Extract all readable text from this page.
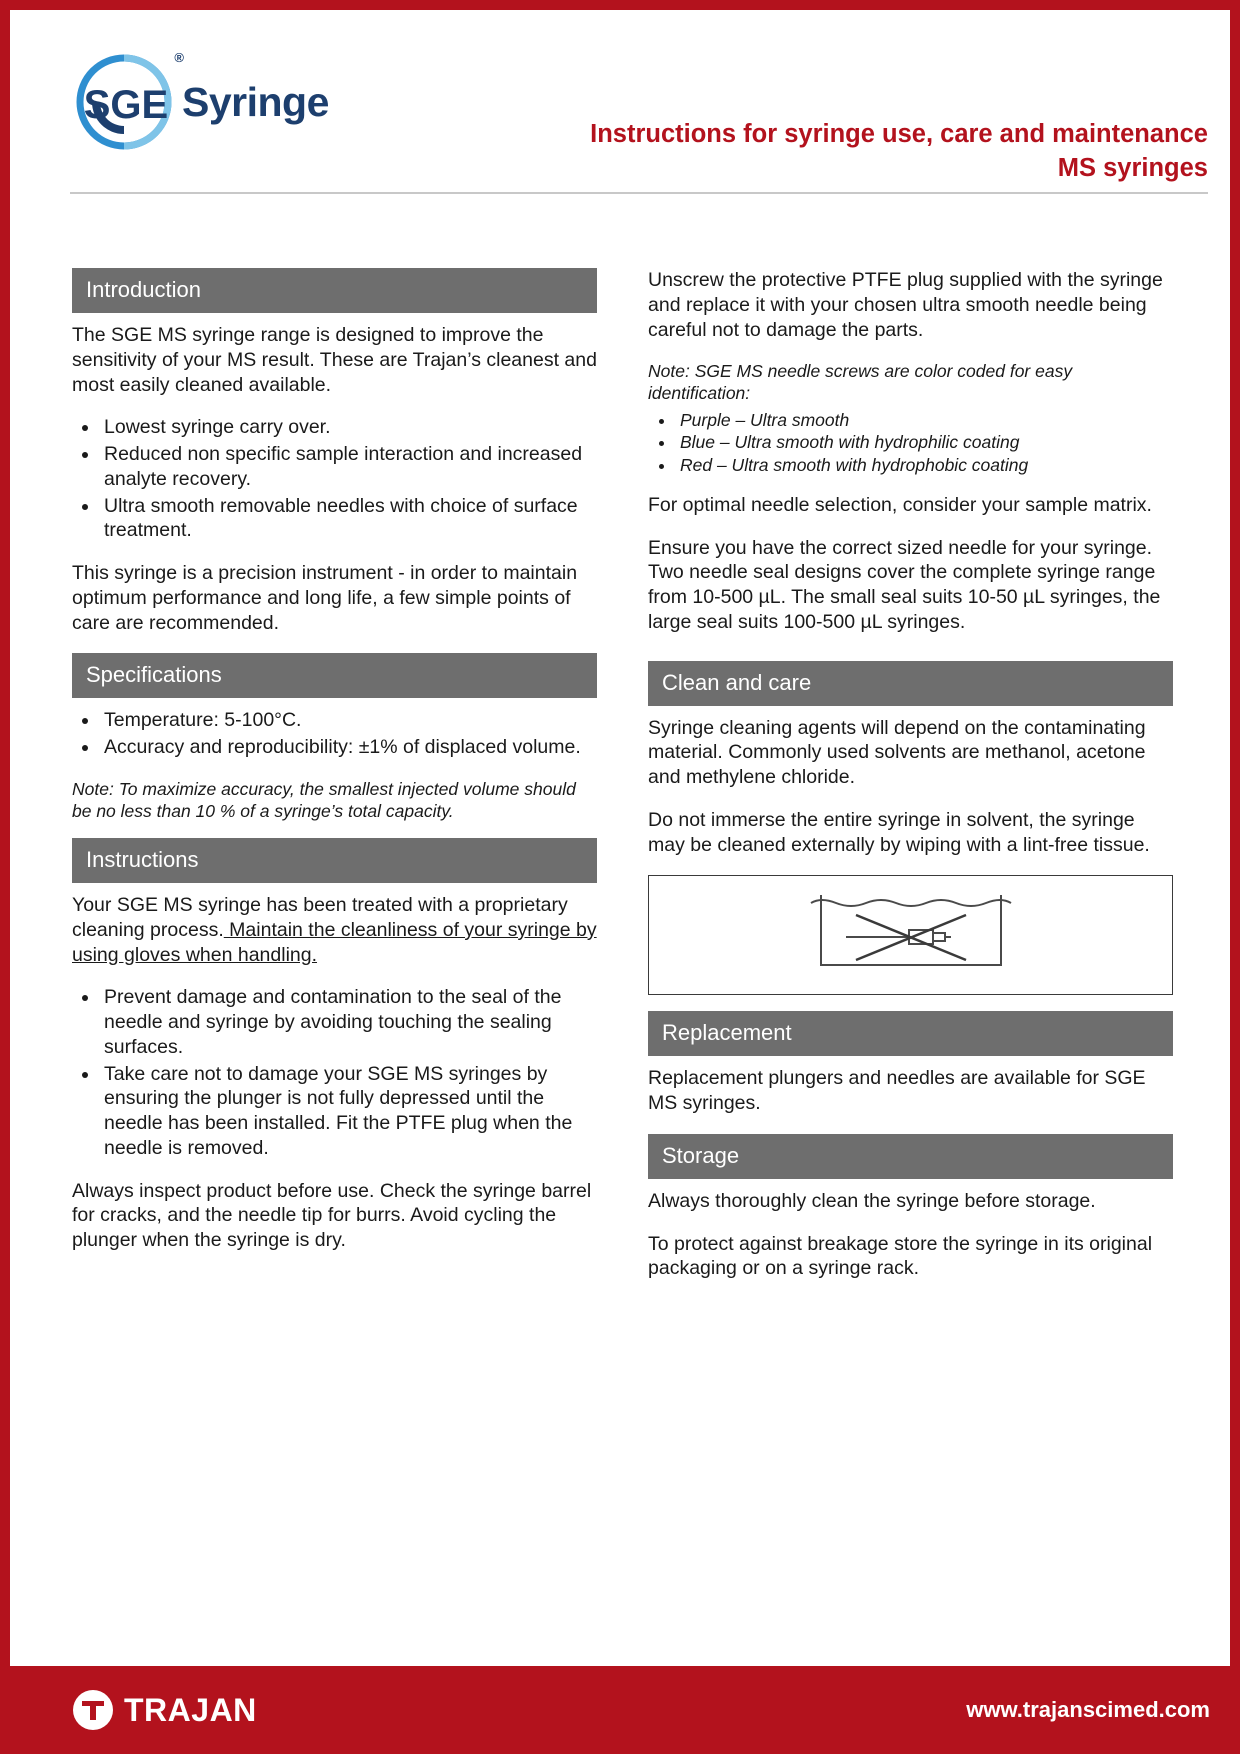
SGE
®
Syringe
Instructions for syringe use, care and maintenance
MS syringes
Introduction

The SGE MS syringe range is designed to improve the sensitivity of your MS result. These are Trajan’s cleanest and most easily cleaned available.

• Lowest syringe carry over.
• Reduced non specific sample interaction and increased analyte recovery.
• Ultra smooth removable needles with choice of surface treatment.

This syringe is a precision instrument - in order to maintain optimum performance and long life, a few simple points of care are recommended.

Specifications
• Temperature: 5-100°C.
• Accuracy and reproducibility: ±1% of displaced volume.

Note: To maximize accuracy, the smallest injected volume should be no less than 10 % of a syringe’s total capacity.

Instructions

Your SGE MS syringe has been treated with a proprietary cleaning process. Maintain the cleanliness of your syringe by using gloves when handling.

• Prevent damage and contamination to the seal of the needle and syringe by avoiding touching the sealing surfaces.
• Take care not to damage your SGE MS syringes by ensuring the plunger is not fully depressed until the needle has been installed. Fit the PTFE plug when the needle is removed.

Always inspect product before use. Check the syringe barrel for cracks, and the needle tip for burrs. Avoid cycling the plunger when the syringe is dry.

Unscrew the protective PTFE plug supplied with the syringe and replace it with your chosen ultra smooth needle being careful not to damage the parts.

Note: SGE MS needle screws are color coded for easy identification:

• Purple – Ultra smooth
• Blue – Ultra smooth with hydrophilic coating
• Red – Ultra smooth with hydrophobic coating

For optimal needle selection, consider your sample matrix.

Ensure you have the correct sized needle for your syringe. Two needle seal designs cover the complete syringe range from 10-500 µL. The small seal suits 10-50 µL syringes, the large seal suits 100-500 µL syringes.

Clean and care

Syringe cleaning agents will depend on the contaminating material. Commonly used solvents are methanol, acetone and methylene chloride.

Do not immerse the entire syringe in solvent, the syringe may be cleaned externally by wiping with a lint-free tissue.

Replacement

Replacement plungers and needles are available for SGE MS syringes.

Storage

Always thoroughly clean the syringe before storage.

To protect against breakage store the syringe in its original packaging or on a syringe rack.

TRAJAN	www.trajanscimed.com
